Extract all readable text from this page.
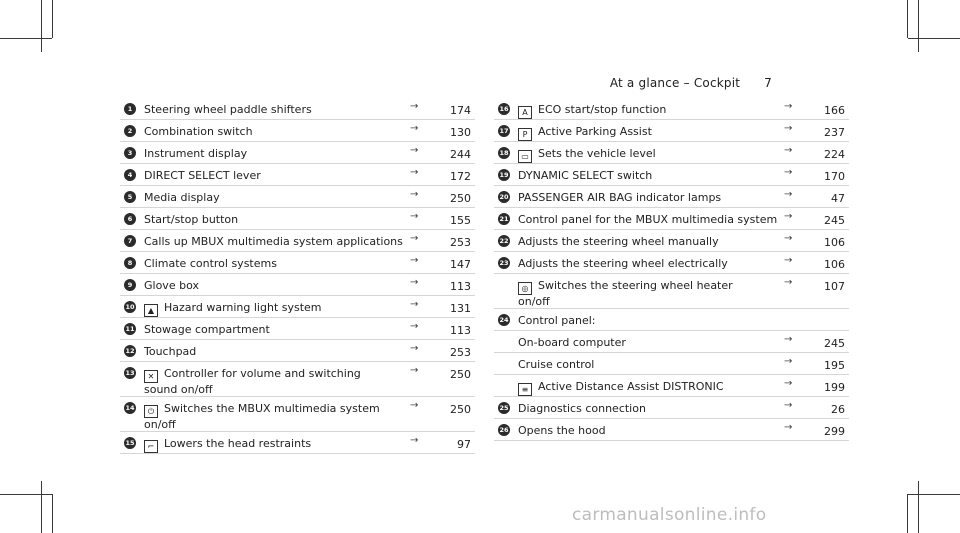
At a glance – Cockpit 7
1	Steering wheel paddle shifters	→	174
2	Combination switch	→	130
3	Instrument display	→	244
4	DIRECT SELECT lever	→	172
5	Media display	→	250
6	Start/stop button	→	155
7	Calls up MBUX multimedia system applications →	253
8	Climate control systems	→	147
9	Glove box	→	113
10	▲ Hazard warning light system	→	131
11 Stowage compartment	→	113
12 Touchpad	→	253
13	✕ Controller for volume and switching
sound on/off
→	250
14	⏻ Switches the MBUX multimedia system
on/off
→	250
15	⌐ Lowers the head restraints	→	97
16	A ECO start/stop function	→	166
17	P Active Parking Assist	→	237
18	▭ Sets the vehicle level	→	224
19 DYNAMIC SELECT switch	→	170
20 PASSENGER AIR BAG indicator lamps	→	47
21 Control panel for the MBUX multimedia system →	245
22 Adjusts the steering wheel manually	→	106
23 Adjusts the steering wheel electrically	→	106
◎ Switches the steering wheel heater
on/off
→	107
24 Control panel:
On-board computer	→	245
Cruise control	→	195
≡ Active Distance Assist DISTRONIC	→	199
25 Diagnostics connection	→	26
26 Opens the hood	→	299
carmanualsonline.info
